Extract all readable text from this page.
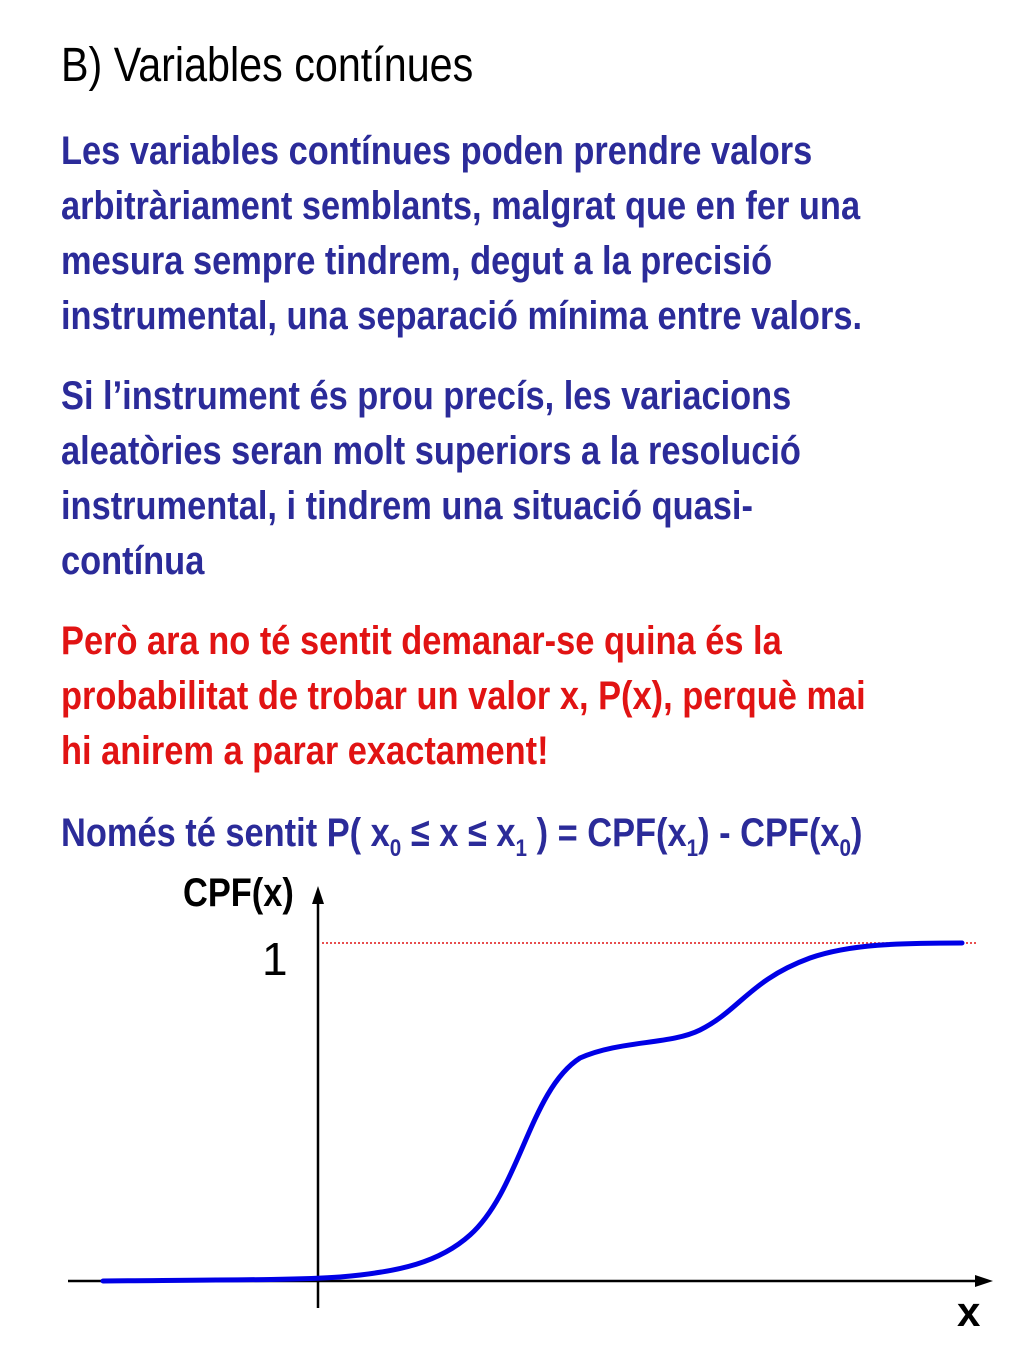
B) Variables contínues
Les variables contínues poden prendre valors
arbitràriament semblants, malgrat que en fer una
mesura sempre tindrem, degut a la precisió
instrumental, una separació mínima entre valors.
Si l’instrument és prou precís, les variacions
aleatòries seran molt superiors a la resolució
instrumental, i tindrem una situació quasi-
contínua
Però ara no té sentit demanar-se quina és la
probabilitat de trobar un valor x, P(x), perquè mai
hi anirem a parar exactament!
Només té sentit P( $x_0 \le x \le x_1$ ) = $CPF(x_1) - CPF(x_0)$
CPF(x)
1
x
